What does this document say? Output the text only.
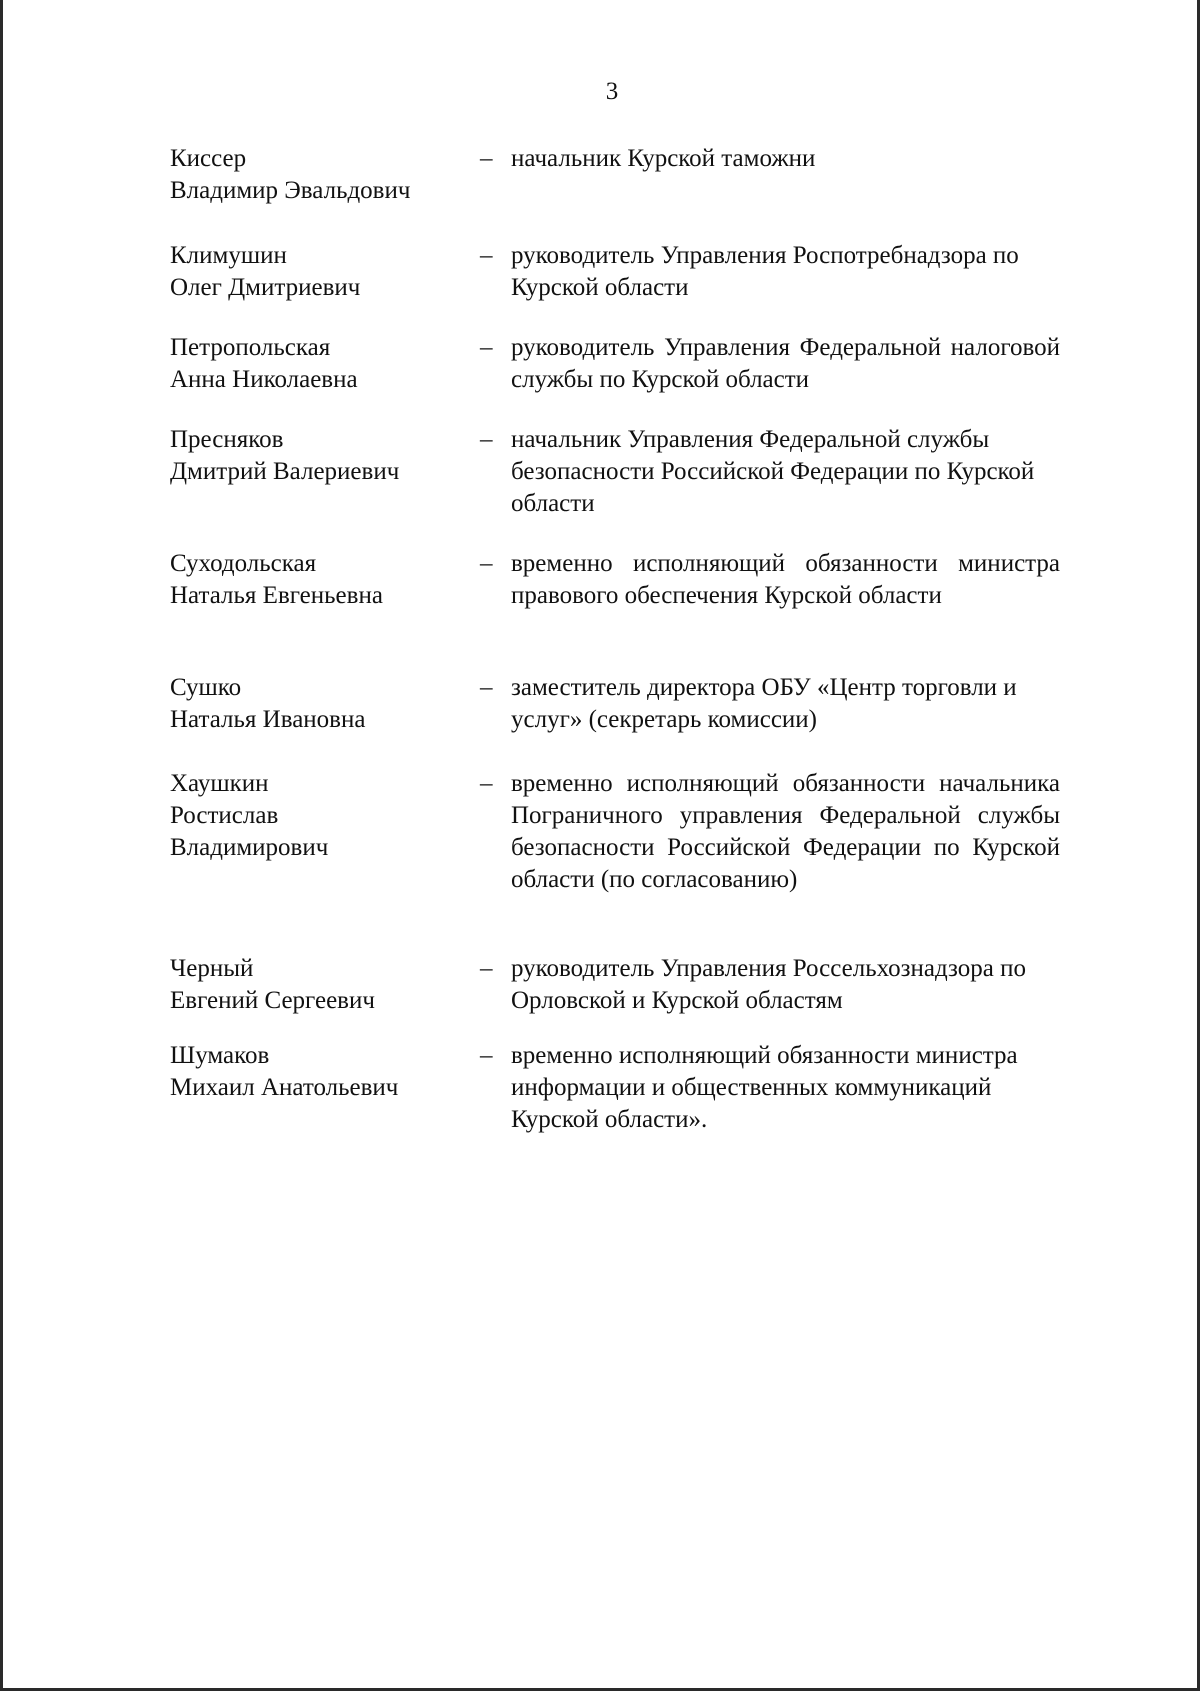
3
Киссер
Владимир Эвальдович
– начальник Курской таможни
Климушин
Олег Дмитриевич
– руководитель Управления Роспотребнадзора по Курской области
Петропольская
Анна Николаевна
– руководитель Управления Федеральной налоговой службы по Курской области
Пресняков
Дмитрий Валериевич
– начальник Управления Федеральной службы безопасности Российской Федерации по Курской области
Суходольская
Наталья Евгеньевна
– временно исполняющий обязанности министра правового обеспечения Курской области
Сушко
Наталья Ивановна
– заместитель директора ОБУ «Центр торговли и услуг» (секретарь комиссии)
Хаушкин
Ростислав
Владимирович
– временно исполняющий обязанности начальника Пограничного управления Федеральной службы безопасности Российской Федерации по Курской области (по согласованию)
Черный
Евгений Сергеевич
– руководитель Управления Россельхознадзора по Орловской и Курской областям
Шумаков
Михаил Анатольевич
– временно исполняющий обязанности министра информации и общественных коммуникаций Курской области».
